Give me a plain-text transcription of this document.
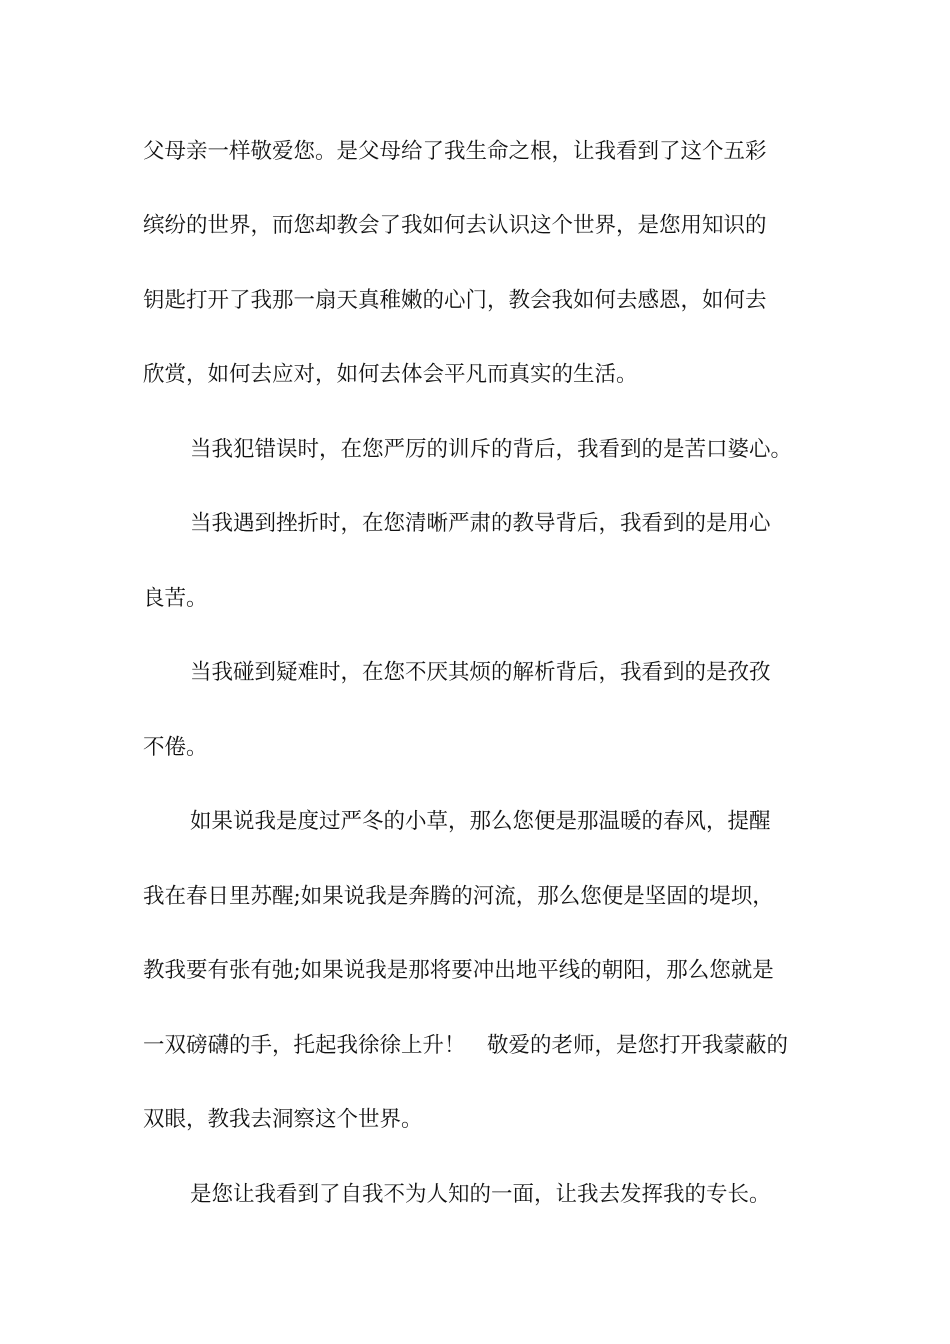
父母亲一样敬爱您。是父母给了我生命之根，让我看到了这个五彩
缤纷的世界，而您却教会了我如何去认识这个世界，是您用知识的
钥匙打开了我那一扇天真稚嫩的心门，教会我如何去感恩，如何去
欣赏，如何去应对，如何去体会平凡而真实的生活。
当我犯错误时，在您严厉的训斥的背后，我看到的是苦口婆心。
当我遇到挫折时，在您清晰严肃的教导背后，我看到的是用心
良苦。
当我碰到疑难时，在您不厌其烦的解析背后，我看到的是孜孜
不倦。
如果说我是度过严冬的小草，那么您便是那温暖的春风，提醒
我在春日里苏醒;如果说我是奔腾的河流，那么您便是坚固的堤坝，
教我要有张有弛;如果说我是那将要冲出地平线的朝阳，那么您就是
一双磅礴的手，托起我徐徐上升！　敬爱的老师，是您打开我蒙蔽的
双眼，教我去洞察这个世界。
是您让我看到了自我不为人知的一面，让我去发挥我的专长。
